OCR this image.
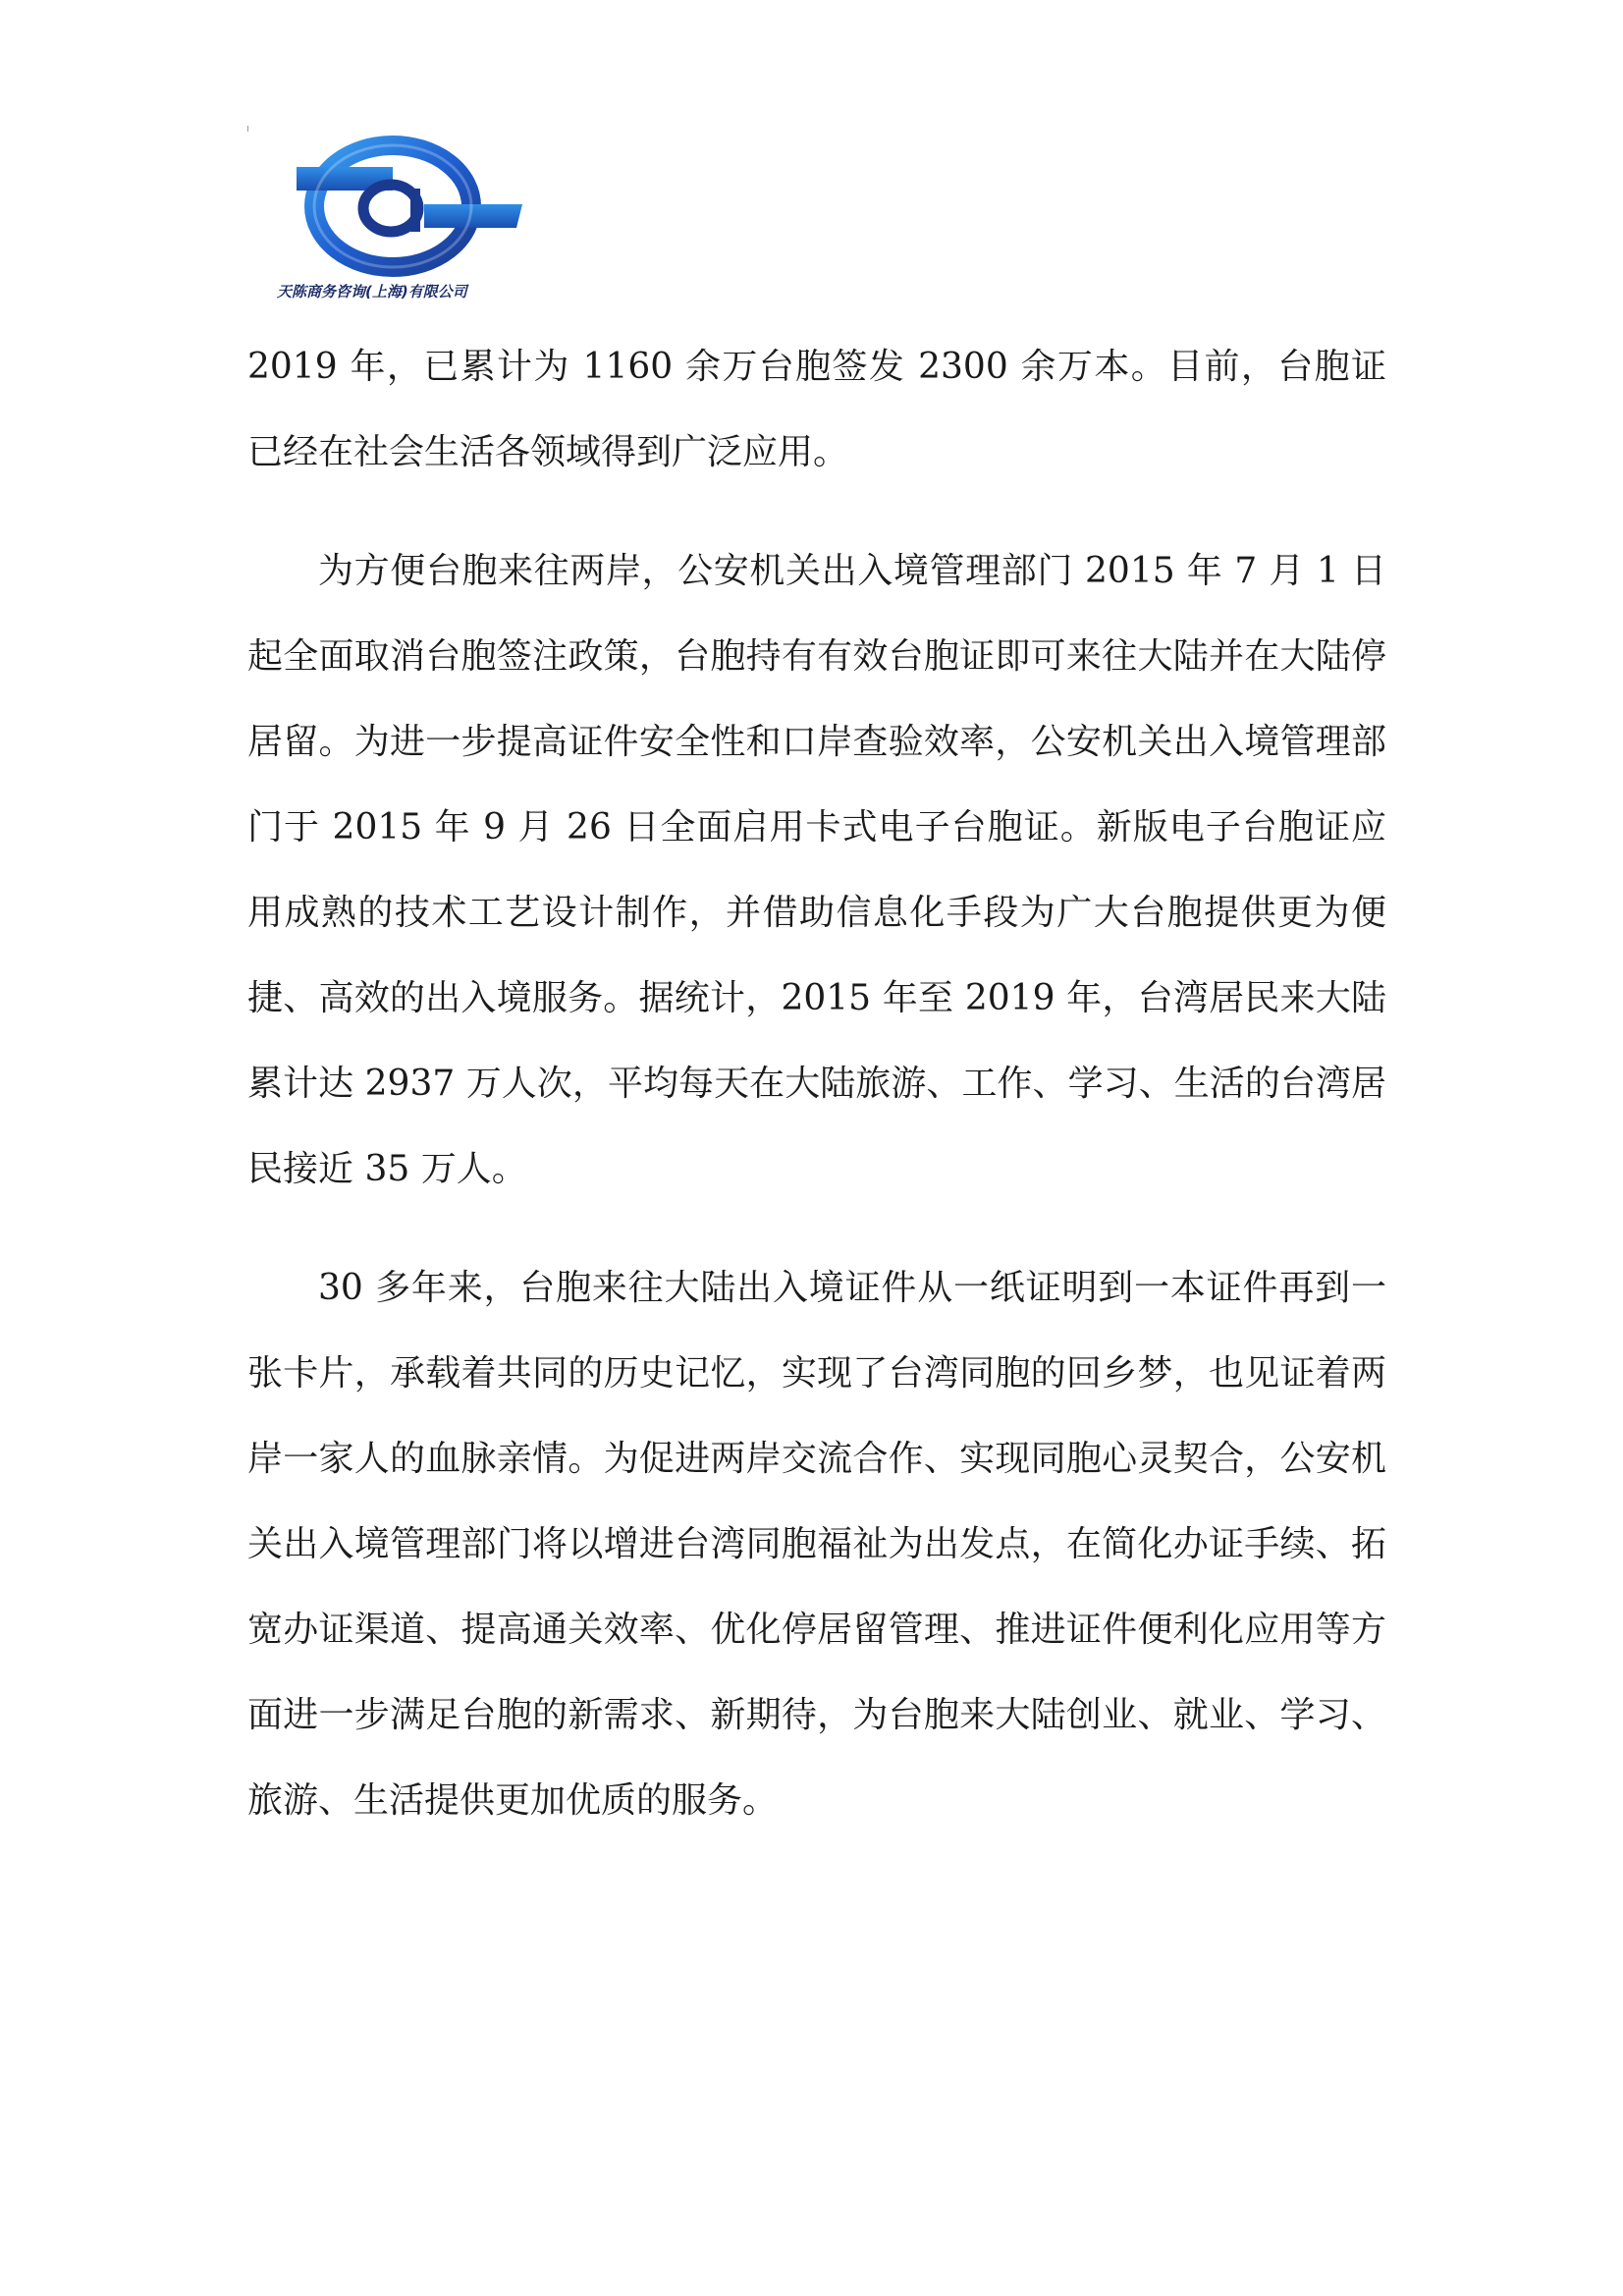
天陈商务咨询(上海)有限公司

2019 年，已累计为 1160 余万台胞签发 2300 余万本。目前，台胞证已经在社会生活各领域得到广泛应用。

为方便台胞来往两岸，公安机关出入境管理部门 2015 年 7 月 1 日起全面取消台胞签注政策，台胞持有有效台胞证即可来往大陆并在大陆停居留。为进一步提高证件安全性和口岸查验效率，公安机关出入境管理部门于 2015 年 9 月 26 日全面启用卡式电子台胞证。新版电子台胞证应用成熟的技术工艺设计制作，并借助信息化手段为广大台胞提供更为便捷、高效的出入境服务。据统计，2015 年至 2019 年，台湾居民来大陆累计达 2937 万人次，平均每天在大陆旅游、工作、学习、生活的台湾居民接近 35 万人。

30 多年来，台胞来往大陆出入境证件从一纸证明到一本证件再到一张卡片，承载着共同的历史记忆，实现了台湾同胞的回乡梦，也见证着两岸一家人的血脉亲情。为促进两岸交流合作、实现同胞心灵契合，公安机关出入境管理部门将以增进台湾同胞福祉为出发点，在简化办证手续、拓宽办证渠道、提高通关效率、优化停居留管理、推进证件便利化应用等方面进一步满足台胞的新需求、新期待，为台胞来大陆创业、就业、学习、旅游、生活提供更加优质的服务。
